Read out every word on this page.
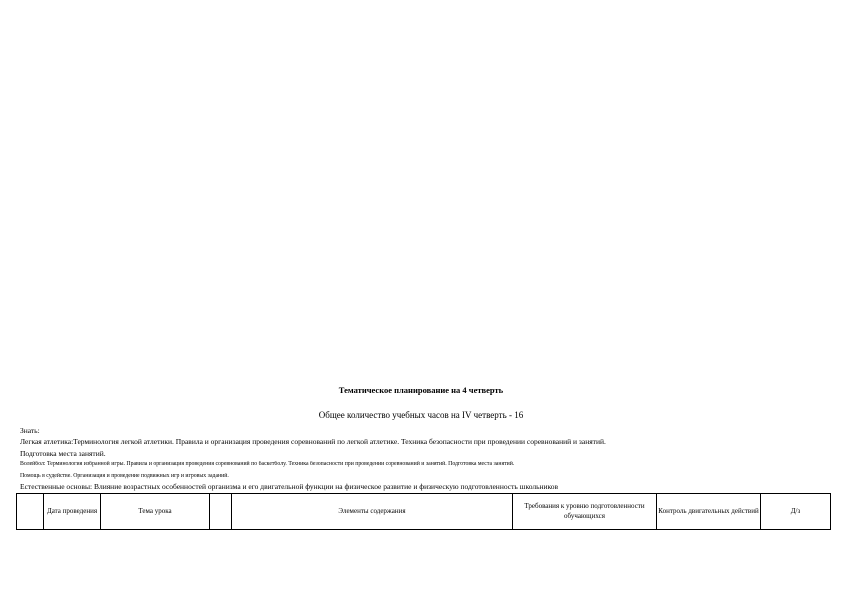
Тематическое планирование на 4 четверть
Общее количество учебных часов на IV четверть - 16
Знать:
Легкая атлетика:Терминология легкой атлетики. Правила и организация проведения соревнований по легкой атлетике. Техника безопасности при проведении соревнований и занятий.
Подготовка места занятий.
Волейбол: Терминология избранной игры. Правила и организация проведения соревнований по баскетболу. Техника безопасности при проведении соревнований и занятий. Подготовка места занятий.
Помощь в судействе. Организация и проведение подвижных игр и игровых заданий.
Естественные основы: Влияние возрастных особенностей организма и его двигательной функции на физическое развитие и физическую подготовленность школьников
	Дата проведения	Тема урока		Элементы содержания	Требования к уровню подготовленности обучающихся	Контроль двигательных действий	Д/з
